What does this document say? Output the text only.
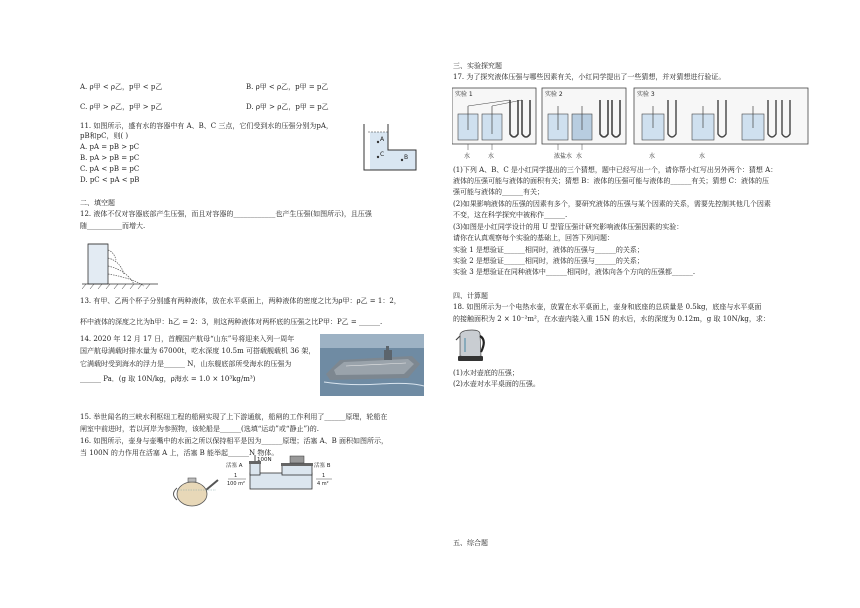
A. ρ甲 < ρ乙，p甲 < p乙	B. ρ甲 < ρ乙，p甲 = p乙
C. ρ甲 > ρ乙，p甲 > p乙	D. ρ甲 > ρ乙，p甲 = p乙
11. 如图所示，盛有水的容器中有 A、B、C 三点，它们受到水的压强分别为pA，
pB和pC，则( )
A. pA = pB > pC
B. pA > pB = pC
C. pA < pB = pC
D. pC < pA < pB
A
C	B
二、填空题
12. 液体不仅对容器底部产生压强，而且对容器的____________也产生压强(如图所示)，且压强
随__________而增大.
13. 有甲、乙两个杯子分别盛有两种液体，放在水平桌面上，两种液体的密度之比为ρ甲：ρ乙 = 1：2，
杯中液体的深度之比为h甲：h乙 = 2：3，则这两种液体对两杯底的压强之比P甲：P乙 = ______.
14. 2020 年 12 月 17 日，首艘国产航母“山东”号将迎来入列一周年
国产航母满载时排水量为 67000t，吃水深度 10.5m 可搭载舰载机 36 架，
它满载时受到海水的浮力是______ N，山东舰底部所受海水的压强为
______ Pa．(g 取 10N/kg，ρ海水 = 1.0 × 10³kg/m³)
15. 举世闻名的三峡水利枢纽工程的船闸实现了上下游通航，船闸的工作利用了______原理，轮船在
闸室中前进时，若以河岸为参照物，该轮船是______(选填“运动”或“静止”)的.
16. 如图所示，壶身与壶嘴中的水面之所以保持相平是因为______原理；活塞 A、B 面积如图所示，
当 100N 的力作用在活塞 A 上，活塞 B 能举起______N 物体。
100N
活塞 A
1
100 m²
活塞 B
1
4 m²
三、实验探究题
17. 为了探究液体压强与哪些因素有关，小红同学提出了一些猜想，并对猜想进行验证。
实验 1
水	水
实验 2
浓盐水 水
实验 3
水	水
(1)下列 A、B、C 是小红同学提出的三个猜想，题中已经写出一个，请你帮小红写出另外两个：猜想 A：
液体的压强可能与液体的面积有关；猜想 B：液体的压强可能与液体的______有关；猜想 C：液体的压
强可能与液体的______有关；
(2)如果影响液体的压强的因素有多个，要研究液体的压强与某个因素的关系，需要先控制其他几个因素
不变，这在科学探究中被称作______.
(3)如图是小红同学设计的用 U 型管压强计研究影响液体压强因素的实验：
请你在认真观察每个实验的基础上，回答下列问题：
实验 1 是想验证______相同时，液体的压强与______的关系；
实验 2 是想验证______相同时，液体的压强与______的关系；
实验 3 是想验证在同种液体中______相同时，液体向各个方向的压强都______.
四、计算题
18. 如图所示为一个电热水壶，放置在水平桌面上，壶身和底座的总质量是 0.5kg，底座与水平桌面
的接触面积为 2 × 10⁻²m²，在水壶内装入重 15N 的水后，水的深度为 0.12m，g 取 10N/kg，求：
(1)水对壶底的压强；
(2)水壶对水平桌面的压强。
五、综合题
